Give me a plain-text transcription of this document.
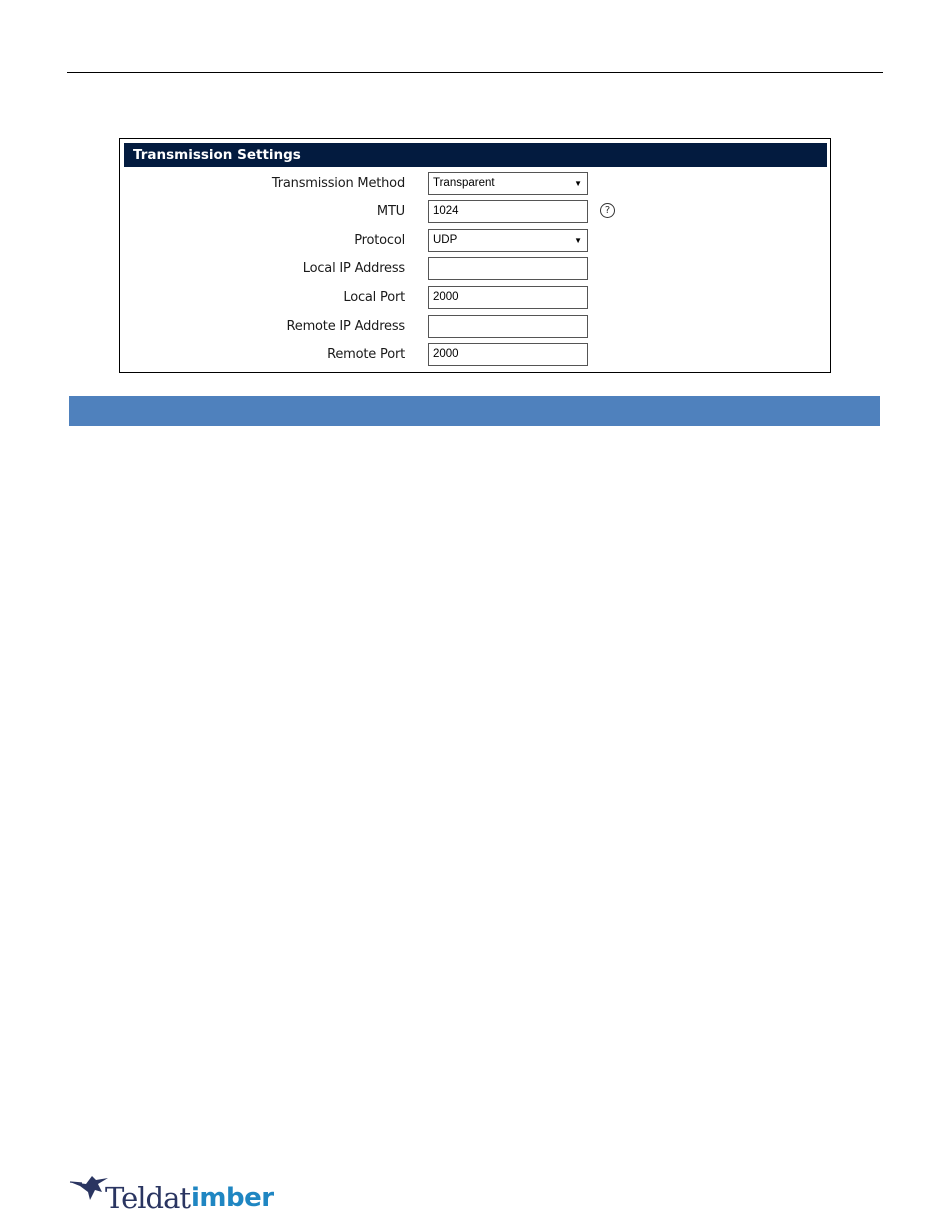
Transmission Settings
Transmission Method	Transparent	▼
MTU	1024	?
Protocol	UDP	▼
Local IP Address
Local Port	2000
Remote IP Address
Remote Port	2000
Teldat imber
